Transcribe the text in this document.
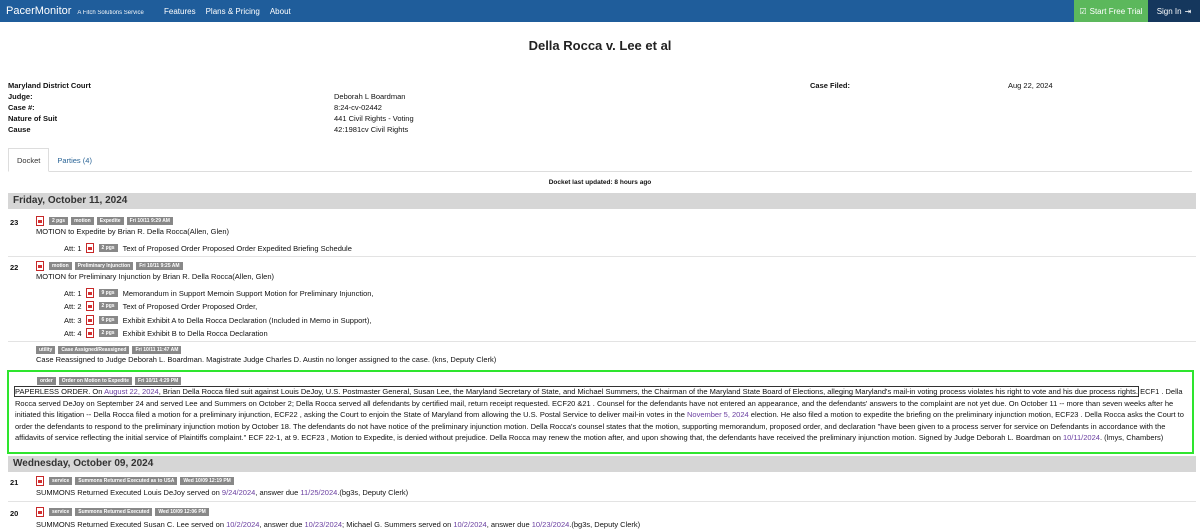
PacerMonitor A Fitch Solutions Service	Features Plans & Pricing About	☑ Start Free Trial Sign In ⇥
Della Rocca v. Lee et al
Maryland District Court	Case Filed:	Aug 22, 2024
Judge:	Deborah L Boardman
Case #:	8:24-cv-02442
Nature of Suit	441 Civil Rights - Voting
Cause	42:1981cv Civil Rights
Docket	Parties (4)
Docket last updated: 8 hours ago
Friday, October 11, 2024
23	2 pgs	motion	Expedite	Fri 10/11 9:29 AM
MOTION to Expedite by Brian R. Della Rocca(Allen, Glen)
Att: 1	2 pgs	Text of Proposed Order Proposed Order Expedited Briefing Schedule
22	motion	Preliminary Injunction	Fri 10/11 9:25 AM
MOTION for Preliminary Injunction by Brian R. Della Rocca(Allen, Glen)
Att: 1	9 pgs	Memorandum in Support Memoin Support Motion for Preliminary Injunction,
Att: 2	2 pgs	Text of Proposed Order Proposed Order,
Att: 3	6 pgs	Exhibit Exhibit A to Della Rocca Declaration (Included in Memo in Support),
Att: 4	2 pgs	Exhibit Exhibit B to Della Rocca Declaration
utility	Case Assigned/Reassigned	Fri 10/11 11:47 AM
Case Reassigned to Judge Deborah L. Boardman. Magistrate Judge Charles D. Austin no longer assigned to the case. (kns, Deputy Clerk)
order	Order on Motion to Expedite	Fri 10/11 4:29 PM
PAPERLESS ORDER. On August 22, 2024, Brian Della Rocca filed suit against Louis DeJoy, U.S. Postmaster General, Susan Lee, the Maryland Secretary of State, and Michael Summers, the Chairman of the Maryland State Board of Elections, alleging Maryland's mail-in voting process violates his right to vote and his due process rights. ECF1 . Della Rocca served DeJoy on September 24 and served Lee and Summers on October 2; Della Rocca served all defendants by certified mail, return receipt requested. ECF20 &21 . Counsel for the defendants have not entered an appearance, and the defendants' answers to the complaint are not yet due. On October 11 -- more than seven weeks after he initiated this litigation -- Della Rocca filed a motion for a preliminary injunction, ECF22 , asking the Court to enjoin the State of Maryland from allowing the U.S. Postal Service to deliver mail-in votes in the November 5, 2024 election. He also filed a motion to expedite the briefing on the preliminary injunction motion, ECF23 . Della Rocca asks the Court to order the defendants to respond to the preliminary injunction motion by October 18. The defendants do not have notice of the preliminary injunction motion. Della Rocca's counsel states that the motion, supporting memorandum, proposed order, and declaration "have been given to a process server for service on Defendants in accordance with the affidavits of service reflecting the initial service of Plaintiffs complaint." ECF 22-1, at 9. ECF23 , Motion to Expedite, is denied without prejudice. Della Rocca may renew the motion after, and upon showing that, the defendants have received the preliminary injunction motion. Signed by Judge Deborah L. Boardman on 10/11/2024. (lmys, Chambers)
Wednesday, October 09, 2024
21	service	Summons Returned Executed as to USA	Wed 10/09 12:19 PM
SUMMONS Returned Executed Louis DeJoy served on 9/24/2024, answer due 11/25/2024.(bg3s, Deputy Clerk)
20	service	Summons Returned Executed	Wed 10/09 12:06 PM
SUMMONS Returned Executed Susan C. Lee served on 10/2/2024, answer due 10/23/2024; Michael G. Summers served on 10/2/2024, answer due 10/23/2024.(bg3s, Deputy Clerk)
